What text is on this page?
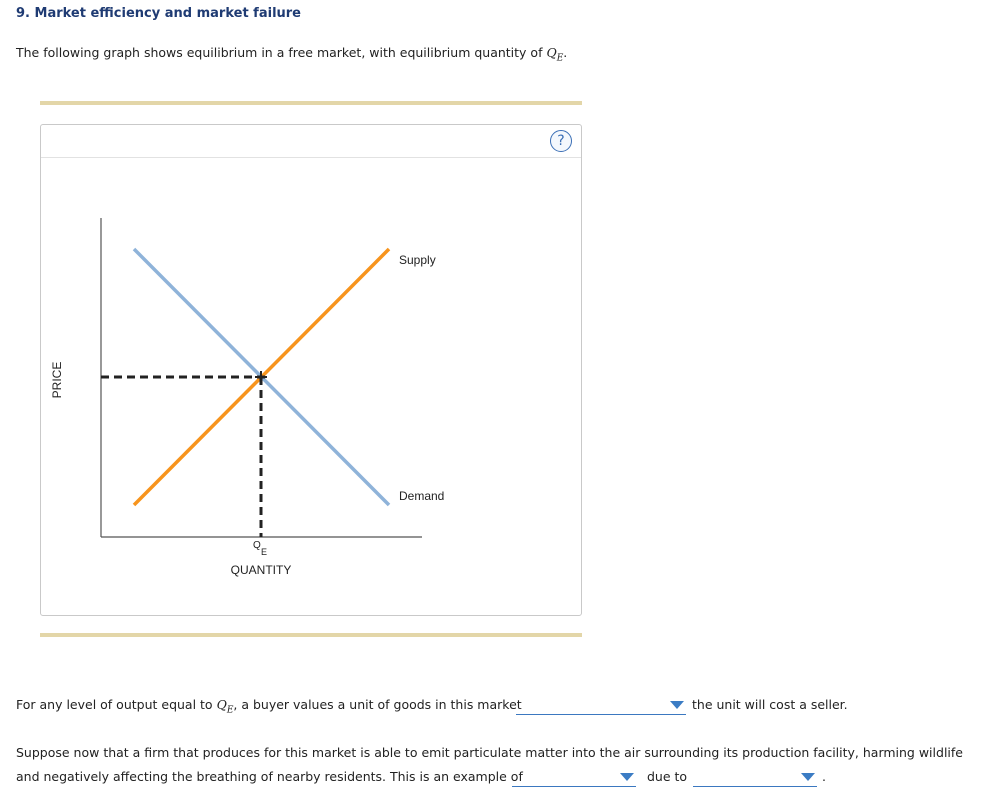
9. Market efficiency and market failure
The following graph shows equilibrium in a free market, with equilibrium quantity of $Q_E$.
?
Supply
Demand
Q
E
QUANTITY
PRICE
For any level of output equal to $Q_E$, a buyer values a unit of goods in this market	the unit will cost a seller.
Suppose now that a firm that produces for this market is able to emit particulate matter into the air surrounding its production facility, harming wildlife
and negatively affecting the breathing of nearby residents. This is an example of	due to	.
